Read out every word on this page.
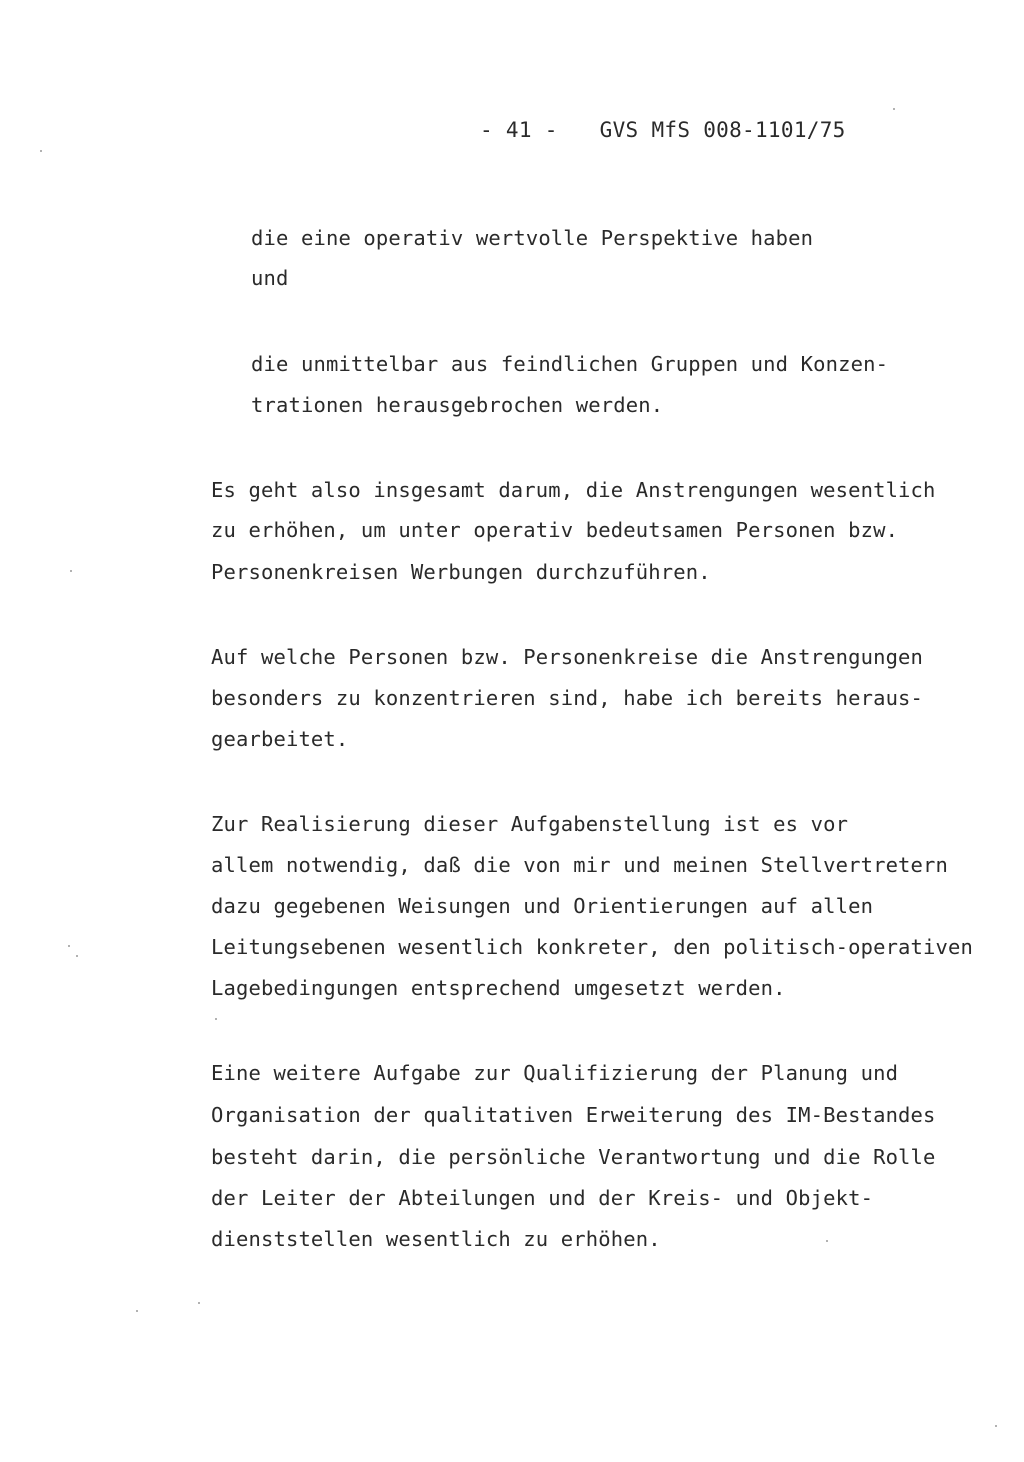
- 41 - GVS MfS 008-1101/75
die eine operativ wertvolle Perspektive haben
und
die unmittelbar aus feindlichen Gruppen und Konzen-
trationen herausgebrochen werden.
Es geht also insgesamt darum, die Anstrengungen wesentlich
zu erhöhen, um unter operativ bedeutsamen Personen bzw.
Personenkreisen Werbungen durchzuführen.
Auf welche Personen bzw. Personenkreise die Anstrengungen
besonders zu konzentrieren sind, habe ich bereits heraus-
gearbeitet.
Zur Realisierung dieser Aufgabenstellung ist es vor
allem notwendig, daß die von mir und meinen Stellvertretern
dazu gegebenen Weisungen und Orientierungen auf allen
Leitungsebenen wesentlich konkreter, den politisch-operativen
Lagebedingungen entsprechend umgesetzt werden.
Eine weitere Aufgabe zur Qualifizierung der Planung und
Organisation der qualitativen Erweiterung des IM-Bestandes
besteht darin, die persönliche Verantwortung und die Rolle
der Leiter der Abteilungen und der Kreis- und Objekt-
dienststellen wesentlich zu erhöhen.
